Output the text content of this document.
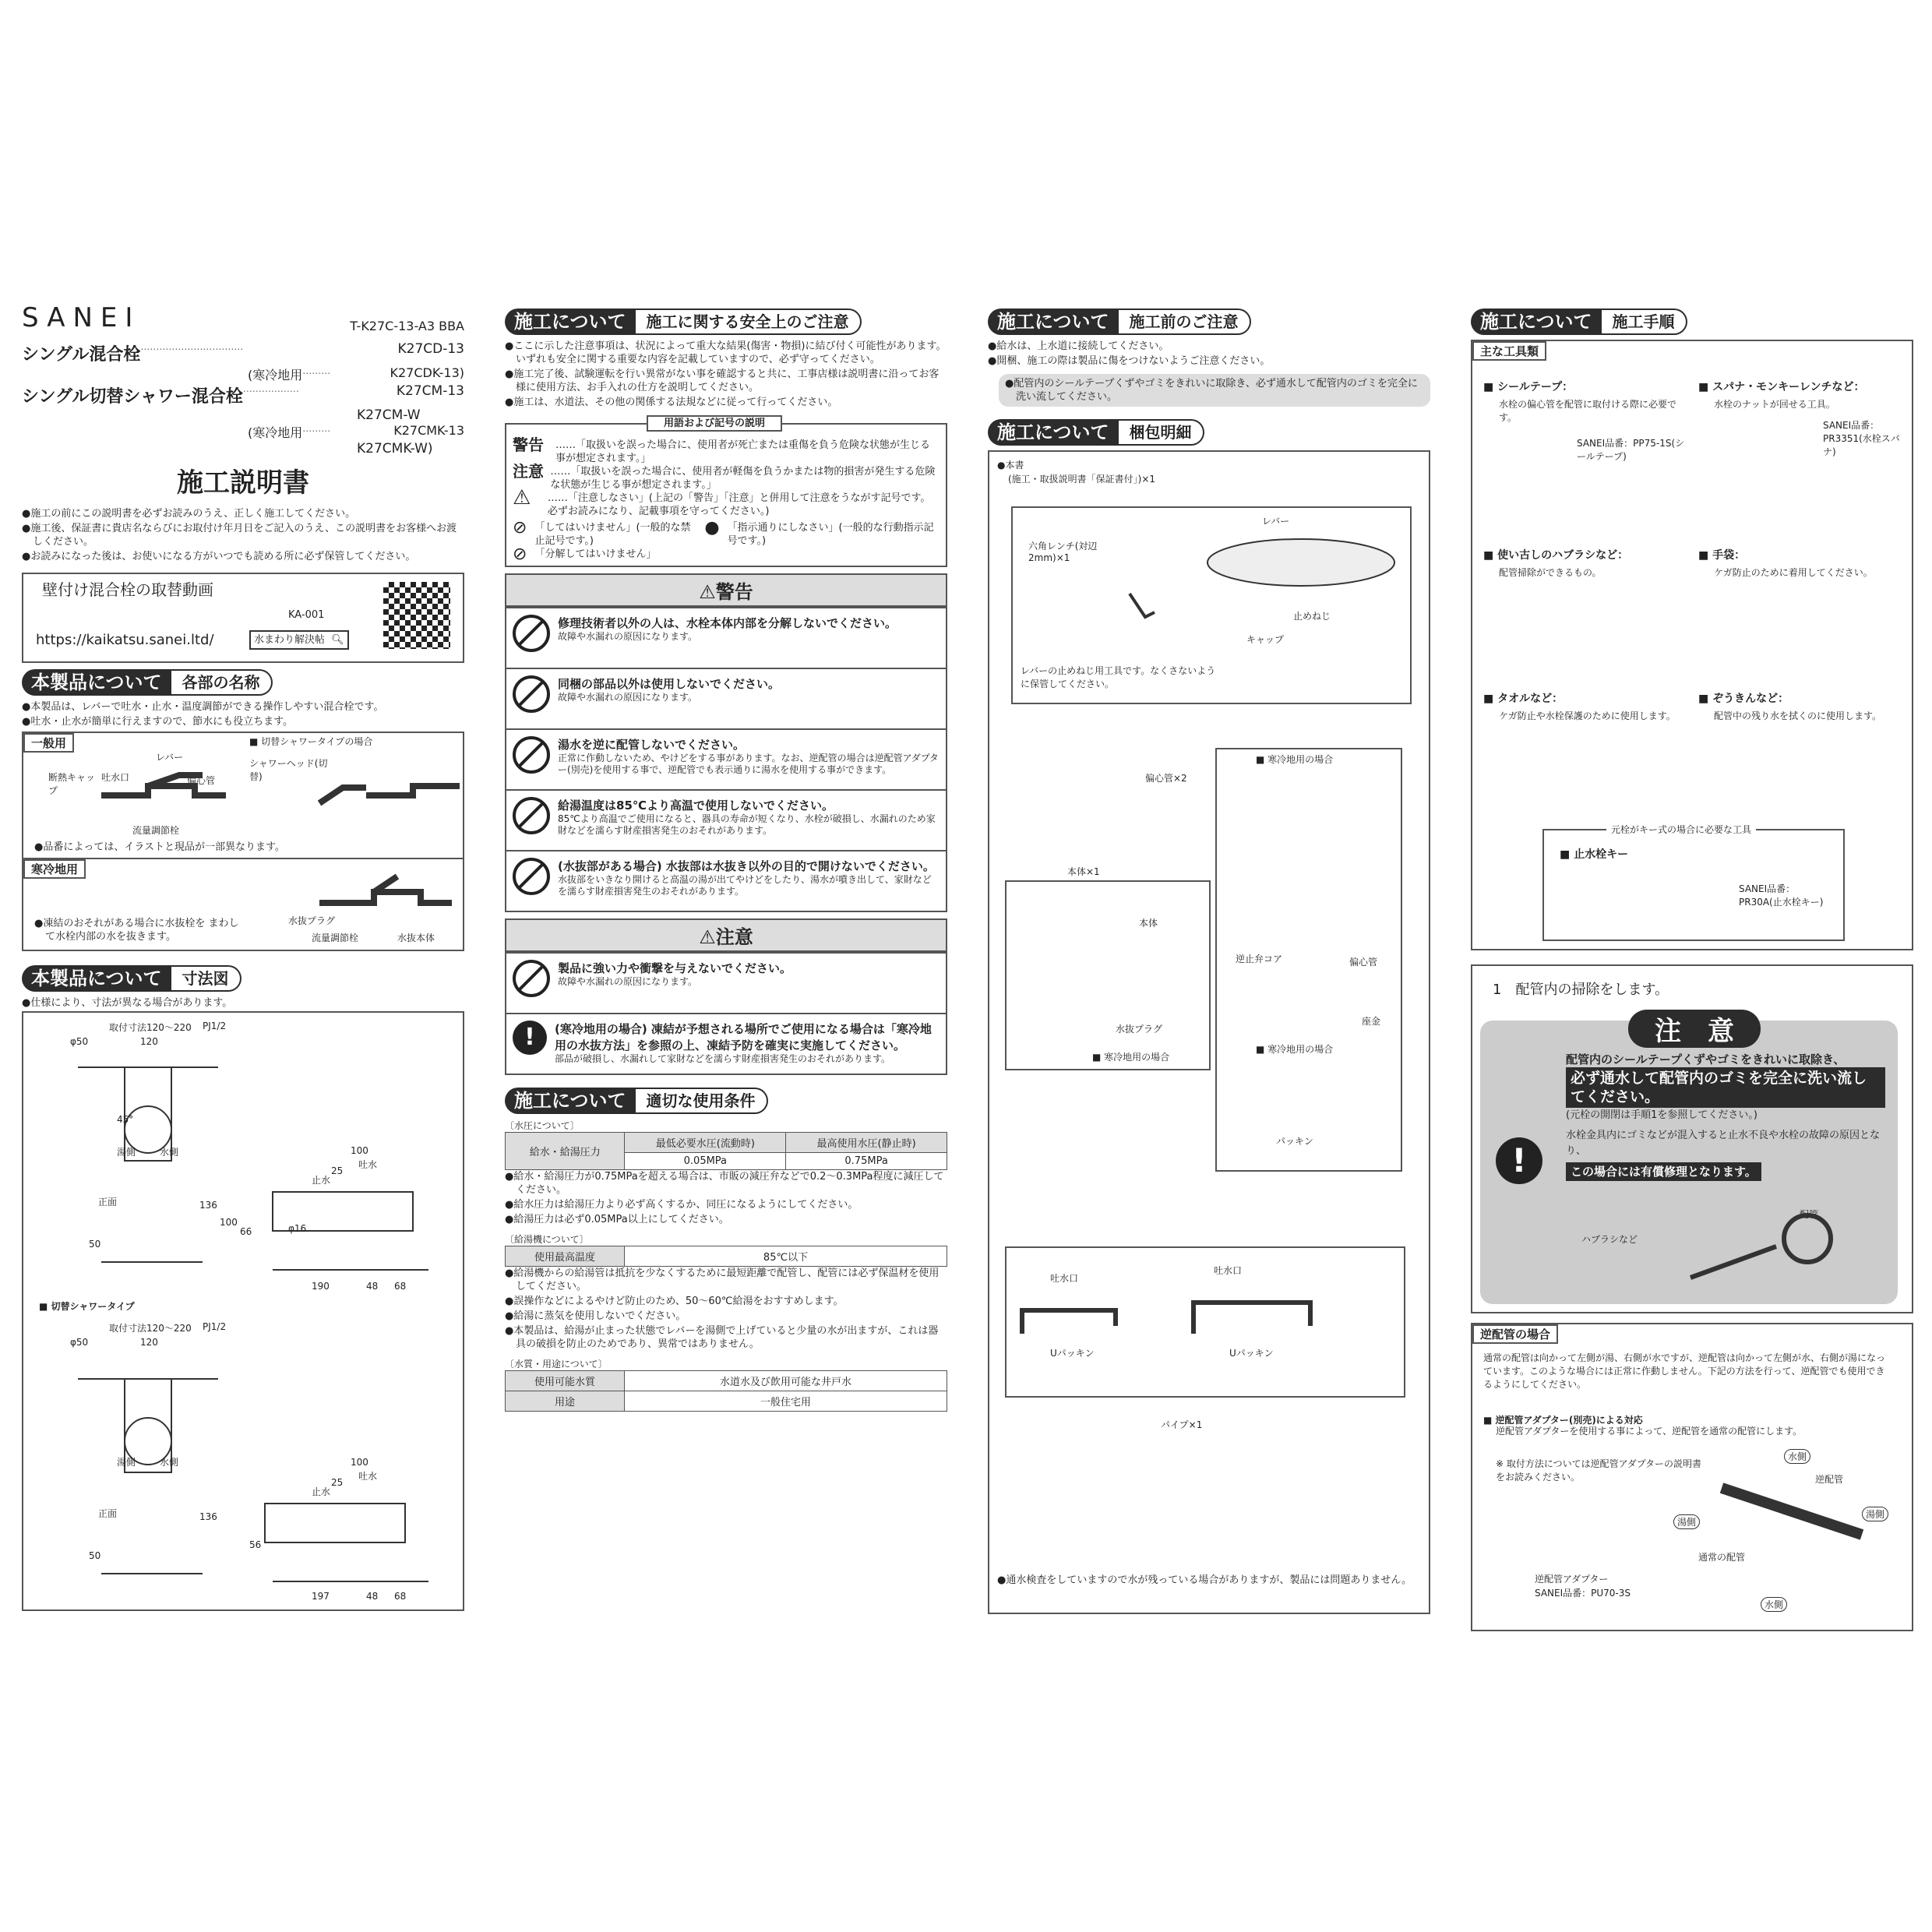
SANEI	T-K27C-13-A3 BBA
シングル混合栓 ……………………………	K27CD-13
(寒冷地用 ………	K27CDK-13)
シングル切替シャワー混合栓 ………………	K27CM-13
K27CM-W
(寒冷地用 ………	K27CMK-13
K27CMK-W)
施工説明書
● 施工の前にこの説明書を必ずお読みのうえ、正しく施工してください。
● 施工後、保証書に貴店名ならびにお取付け年月日をご記入のうえ、この説明書をお客様へお渡しください。
● お読みになった後は、お使いになる方がいつでも読める所に必ず保管してください。
壁付け混合栓の取替動画
KA-001
https://kaikatsu.sanei.ltd/	水まわり解決帖 🔍︎
本製品について	各部の名称
● 本製品は、レバーで吐水・止水・温度調節ができる操作しやすい混合栓です。
● 吐水・止水が簡単に行えますので、節水にも役立ちます。
一般用	■ 切替シャワータイプの場合
レバー
吐水口
断熱キャップ
偏心管
流量調節栓
シャワーヘッド(切替)
● 品番によっては、イラストと現品が一部異なります。
寒冷地用
● 凍結のおそれがある場合に水抜栓を まわして水栓内部の水を抜きます。
水抜プラグ
流量調節栓	水抜本体
本製品について	寸法図
● 仕様により、寸法が異なる場合があります。
取付寸法120～220 PJ1/2
φ50	120
45°
湯側	水側
正面
100
25
吐水
止水
136
100
66	φ16
190	48 68
50
■ 切替シャワータイプ
取付寸法120～220 PJ1/2
φ50	120
湯側	水側
正面
100
25
吐水
止水
136
56
197	48 68
50
施工について	施工に関する安全上のご注意
● ここに示した注意事項は、状況によって重大な結果(傷害・物損)に結び付く可能性があります。いずれも安全に関する重要な内容を記載していますので、必ず守ってください。
● 施工完了後、試験運転を行い異常がない事を確認すると共に、工事店様は説明書に沿ってお客様に使用方法、お手入れの仕方を説明してください。
● 施工は、水道法、その他の関係する法規などに従って行ってください。
用語および記号の説明
警告	……「取扱いを誤った場合に、使用者が死亡または重傷を負う危険な状態が生じる事が想定されます。」
注意 ……「取扱いを誤った場合に、使用者が軽傷を負うかまたは物的損害が発生する危険な状態が生じる事が想定されます。」
⚠	……「注意しなさい」(上記の「警告」「注意」と併用して注意をうながす記号です。必ずお読みになり、記載事項を守ってください。)
⊘ 「してはいけません」(一般的な禁止記号です。)
● 「指示通りにしなさい」(一般的な行動指示記号です。)
⊘ 「分解してはいけません」
⚠警告
修理技術者以外の人は、水栓本体内部を分解しないでください。
故障や水漏れの原因になります。
同梱の部品以外は使用しないでください。
故障や水漏れの原因になります。
湯水を逆に配管しないでください。
正常に作動しないため、やけどをする事があります。なお、逆配管の場合は逆配管アダプター(別売)を使用する事で、逆配管でも表示通りに湯水を使用する事ができます。
給湯温度は85℃より高温で使用しないでください。
85℃より高温でご使用になると、器具の寿命が短くなり、水栓が破損し、水漏れのため家財などを濡らす財産損害発生のおそれがあります。
(水抜部がある場合) 水抜部は水抜き以外の目的で開けないでください。
水抜部をいきなり開けると高温の湯が出てやけどをしたり、湯水が噴き出して、家財などを濡らす財産損害発生のおそれがあります。
⚠注意
製品に強い力や衝撃を与えないでください。
故障や水漏れの原因になります。
!	(寒冷地用の場合) 凍結が予想される場所でご使用になる場合は「寒冷地用の水抜方法」を参照の上、凍結予防を確実に実施してください。
部品が破損し、水漏れして家財などを濡らす財産損害発生のおそれがあります。
施工について	適切な使用条件
〔水圧について〕
給水・給湯圧力	最低必要水圧(流動時)	最高使用水圧(静止時)
	0.05MPa	0.75MPa
● 給水・給湯圧力が0.75MPaを超える場合は、市販の減圧弁などで0.2～0.3MPa程度に減圧してください。
● 給水圧力は給湯圧力より必ず高くするか、同圧になるようにしてください。
● 給湯圧力は必ず0.05MPa以上にしてください。
〔給湯機について〕
使用最高温度	85℃以下
● 給湯機からの給湯管は抵抗を少なくするために最短距離で配管し、配管には必ず保温材を使用してください。
● 誤操作などによるやけど防止のため、50～60℃給湯をおすすめします。
● 給湯に蒸気を使用しないでください。
● 本製品は、給湯が止まった状態でレバーを湯側で上げていると少量の水が出ますが、これは器具の破損を防止のためであり、異常ではありません。
〔水質・用途について〕
使用可能水質	水道水及び飲用可能な井戸水
用途	一般住宅用
施工について	施工前のご注意
● 給水は、上水道に接続してください。
● 開梱、施工の際は製品に傷をつけないようご注意ください。
● 配管内のシールテープくずやゴミをきれいに取除き、必ず通水して配管内のゴミを完全に洗い流してください。
施工について	梱包明細
●本書
(施工・取扱説明書「保証書付」)×1
六角レンチ(対辺2mm)×1
レバー
止めねじ
キャップ
レバーの止めねじ用工具です。なくさないように保管してください。
偏心管×2
■ 寒冷地用の場合
逆止弁コア	偏心管
座金
■ 寒冷地用の場合
パッキン
本体
水抜プラグ
■ 寒冷地用の場合
本体×1
吐水口
吐水口
Uパッキン	Uパッキン
パイプ×1
● 通水検査をしていますので水が残っている場合がありますが、製品には問題ありません。
施工について	施工手順
主な工具類
■ シールテープ：
水栓の偏心管を配管に取付ける際に必要です。
SANEI品番：PP75-1S(シールテープ)
■ スパナ・モンキーレンチなど：
水栓のナットが回せる工具。
SANEI品番：PR3351(水栓スパナ)
■ 使い古しのハブラシなど：
配管掃除ができるもの。
■ 手袋：
ケガ防止のために着用してください。
■ タオルなど：
ケガ防止や水栓保護のために使用します。
■ ぞうきんなど：
配管中の残り水を拭くのに使用します。
元栓がキー式の場合に必要な工具
■ 止水栓キー
SANEI品番：PR30A(止水栓キー)
1　配管内の掃除をします。
注　意
!
配管内のシールテープくずやゴミをきれいに取除き、
必ず通水して配管内のゴミを完全に洗い流してください。
(元栓の開閉は手順1を参照してください。)
水栓金具内にゴミなどが混入すると止水不良や水栓の故障の原因となり、
この場合には有償修理となります。
ハブラシなど
配管
逆配管の場合
通常の配管は向かって左側が湯、右側が水ですが、逆配管は向かって左側が水、右側が湯になっています。このような場合には正常に作動しません。下記の方法を行って、逆配管でも使用できるようにしてください。
■ 逆配管アダプター(別売)による対応
逆配管アダプターを使用する事によって、逆配管を通常の配管にします。
※ 取付方法については逆配管アダプターの説明書をお読みください。
水側
逆配管
湯側
湯側
通常の配管
水側
逆配管アダプター
SANEI品番：PU70-3S
